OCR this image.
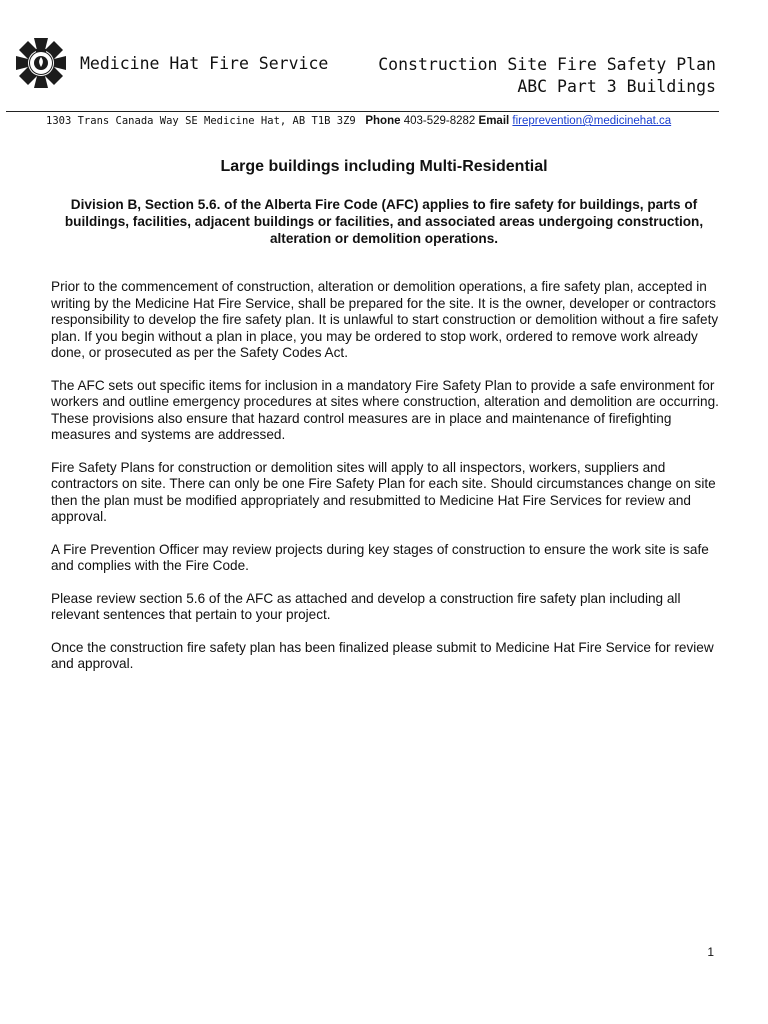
Medicine Hat Fire Service	Construction Site Fire Safety Plan
ABC Part 3 Buildings
1303 Trans Canada Way SE Medicine Hat, AB T1B 3Z9 Phone 403-529-8282 Email fireprevention@medicinehat.ca
Large buildings including Multi-Residential
Division B, Section 5.6. of the Alberta Fire Code (AFC) applies to fire safety for buildings, parts of buildings, facilities, adjacent buildings or facilities, and associated areas undergoing construction, alteration or demolition operations.

Prior to the commencement of construction, alteration or demolition operations, a fire safety plan, accepted in writing by the Medicine Hat Fire Service, shall be prepared for the site. It is the owner, developer or contractors responsibility to develop the fire safety plan. It is unlawful to start construction or demolition without a fire safety plan. If you begin without a plan in place, you may be ordered to stop work, ordered to remove work already done, or prosecuted as per the Safety Codes Act.

The AFC sets out specific items for inclusion in a mandatory Fire Safety Plan to provide a safe environment for workers and outline emergency procedures at sites where construction, alteration and demolition are occurring. These provisions also ensure that hazard control measures are in place and maintenance of firefighting measures and systems are addressed.

Fire Safety Plans for construction or demolition sites will apply to all inspectors, workers, suppliers and contractors on site. There can only be one Fire Safety Plan for each site. Should circumstances change on site then the plan must be modified appropriately and resubmitted to Medicine Hat Fire Services for review and approval.

A Fire Prevention Officer may review projects during key stages of construction to ensure the work site is safe and complies with the Fire Code.

Please review section 5.6 of the AFC as attached and develop a construction fire safety plan including all relevant sentences that pertain to your project.

Once the construction fire safety plan has been finalized please submit to Medicine Hat Fire Service for review and approval.

1
